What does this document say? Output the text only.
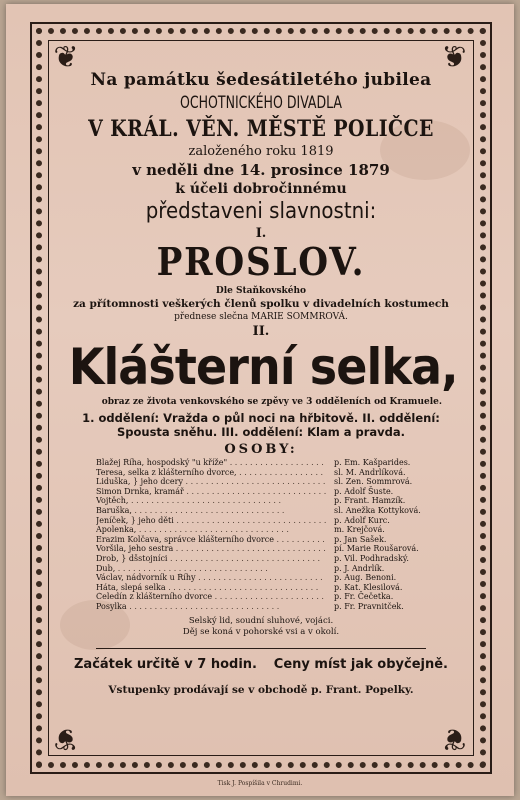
❦	❦
❦	❦
Na památku šedesátiletého jubilea
OCHOTNICKÉHO DIVADLA
V KRÁL. VĚN. MĚSTĚ POLIČCE
založeného roku 1819
v neděli dne 14. prosince 1879
k účeli dobročinnému
představeni slavnostni:
I.
PROSLOV.
Dle Staňkovského
za přítomnosti veškerých členů spolku v divadelních kostumech
přednese slečna MARIE SOMMROVÁ.
II.
Klášterní selka,
obraz ze života venkovského se zpěvy ve 3 odděleních od Kramuele.
1. oddělení: Vražda o půl noci na hřbitově. II. oddělení: Spousta sněhu. III. oddělení: Klam a pravda.
OSOBY:
Blažej Říha, hospodský "u kříže" . . .	p. Em. Kašparides.
Teresa, selka z klášterního dvorce, . . .	sl. M. Andrlíková.
Liduška, } jeho dcery . . .	sl. Zen. Sommrová.
Simon Drnka, kramář . . .	p. Adolf Šuste.
Vojtěch, . . .	p. Frant. Hamzík.
Baruška, . . .	sl. Anežka Kottyková.
Jeníček, } jeho děti . . .	p. Adolf Kurc.
Apolenka, . . .	m. Krejčová.
Erazim Kolčava, správce klášterního dvorce . . .	p. Jan Sašek.
Voršila, jeho sestra . . .	pí. Marie Roušarová.
Drob, } dšstojníci . . .	p. Vil. Podhradský.
Dub, . . .	p. J. Andrlík.
Václav, nádvorník u Říhy . . .	p. Aug. Benoni.
Háta, slepá selka . . .	p. Kat. Klesilová.
Čeledín z klášterního dvorce . . .	p. Fr. Čečetka.
Posylka . . .	p. Fr. Pravnitček.
Selský lid, soudní sluhové, vojáci.
Děj se koná v pohorské vsi a v okolí.
Začátek určitě v 7 hodin. Ceny míst jak obyčejně.
Vstupenky prodávají se v obchodě p. Frant. Popelky.
Tisk J. Pospíšila v Chrudimi.
